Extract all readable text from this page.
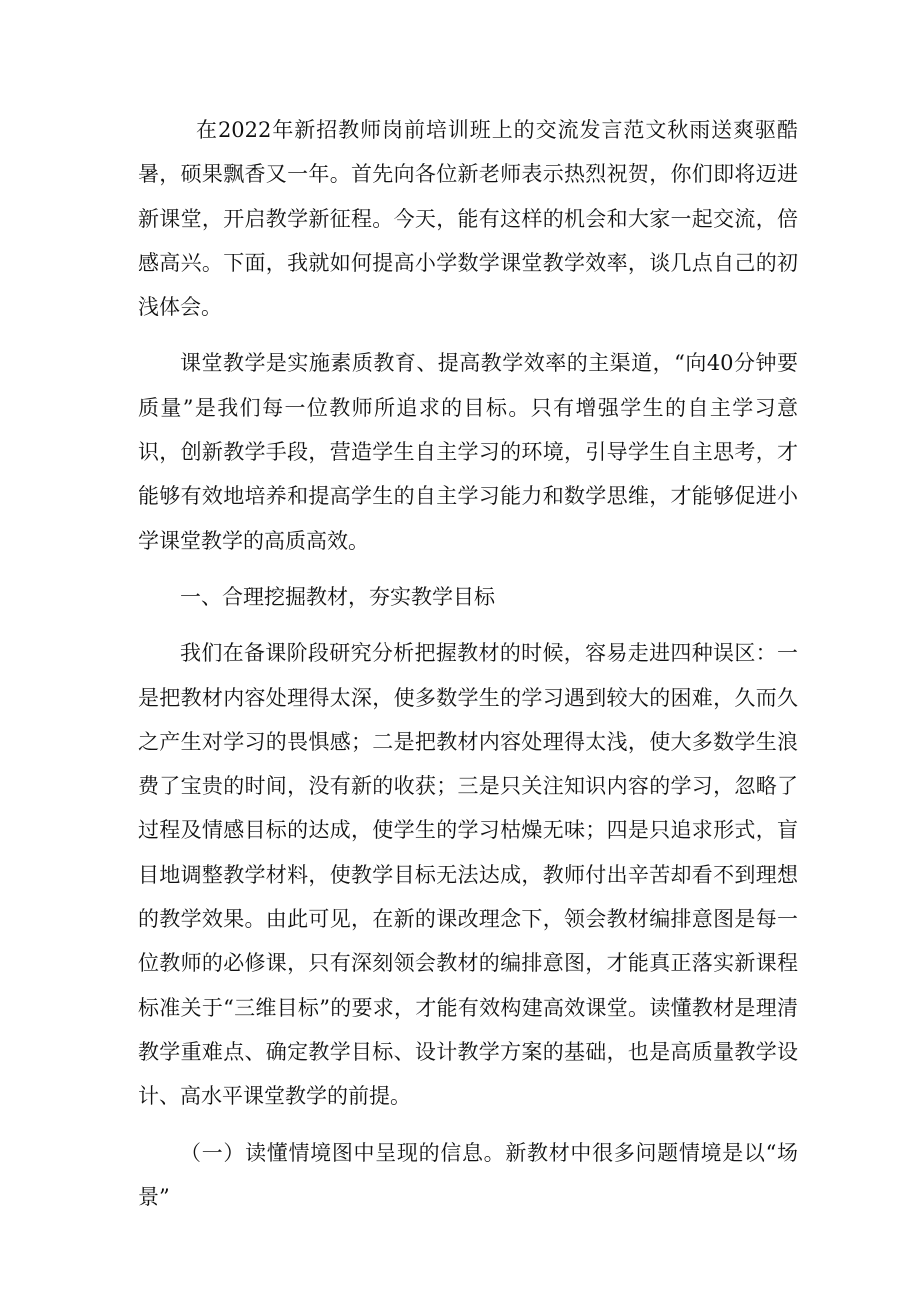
在2022年新招教师岗前培训班上的交流发言范文秋雨送爽驱酷暑，硕果飘香又一年。首先向各位新老师表示热烈祝贺，你们即将迈进新课堂，开启教学新征程。今天，能有这样的机会和大家一起交流，倍感高兴。下面，我就如何提高小学数学课堂教学效率，谈几点自己的初浅体会。

课堂教学是实施素质教育、提高教学效率的主渠道，“向40分钟要质量”是我们每一位教师所追求的目标。只有增强学生的自主学习意识，创新教学手段，营造学生自主学习的环境，引导学生自主思考，才能够有效地培养和提高学生的自主学习能力和数学思维，才能够促进小学课堂教学的高质高效。

一、合理挖掘教材，夯实教学目标

我们在备课阶段研究分析把握教材的时候，容易走进四种误区：一是把教材内容处理得太深，使多数学生的学习遇到较大的困难，久而久之产生对学习的畏惧感；二是把教材内容处理得太浅，使大多数学生浪费了宝贵的时间，没有新的收获；三是只关注知识内容的学习，忽略了过程及情感目标的达成，使学生的学习枯燥无味；四是只追求形式，盲目地调整教学材料，使教学目标无法达成，教师付出辛苦却看不到理想的教学效果。由此可见，在新的课改理念下，领会教材编排意图是每一位教师的必修课，只有深刻领会教材的编排意图，才能真正落实新课程标准关于“三维目标”的要求，才能有效构建高效课堂。读懂教材是理清教学重难点、确定教学目标、设计教学方案的基础，也是高质量教学设计、高水平课堂教学的前提。

（一）读懂情境图中呈现的信息。新教材中很多问题情境是以“场景”
